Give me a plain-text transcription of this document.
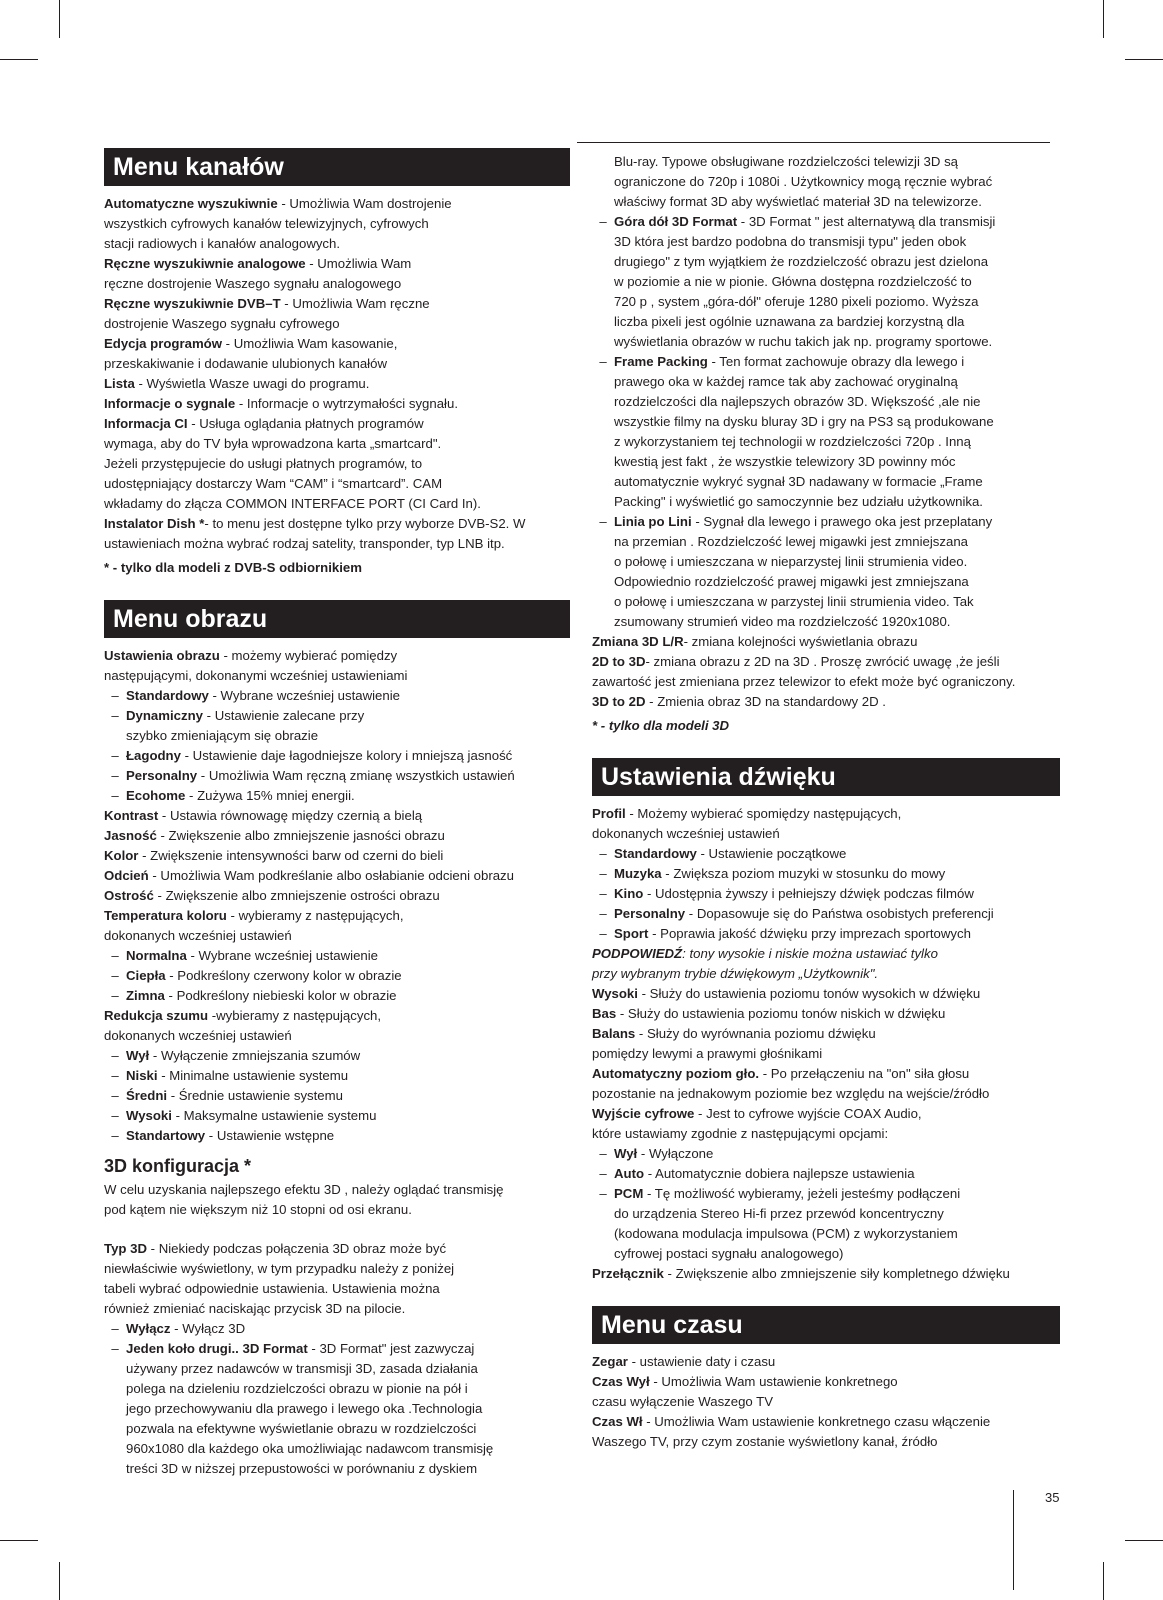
Menu kanałów
Automatyczne wyszukiwnie - Umożliwia Wam dostrojenie
wszystkich cyfrowych kanałów telewizyjnych, cyfrowych
stacji radiowych i kanałów analogowych.
Ręczne wyszukiwnie analogowe - Umożliwia Wam
ręczne dostrojenie Waszego sygnału analogowego
Ręczne wyszukiwnie DVB–T - Umożliwia Wam ręczne
dostrojenie Waszego sygnału cyfrowego
Edycja programów - Umożliwia Wam kasowanie,
przeskakiwanie i dodawanie ulubionych kanałów
Lista - Wyświetla Wasze uwagi do programu.
Informacje o sygnale - Informacje o wytrzymałości sygnału.
Informacja CI - Usługa oglądania płatnych programów
wymaga, aby do TV była wprowadzona karta „smartcard".
Jeżeli przystępujecie do usługi płatnych programów, to
udostępniający dostarczy Wam “CAM” i “smartcard”. CAM
wkładamy do złącza COMMON INTERFACE PORT (CI Card In).
Instalator Dish *- to menu jest dostępne tylko przy wyborze DVB-S2. W
ustawieniach można wybrać rodzaj satelity, transponder, typ LNB itp.
* - tylko dla modeli z DVB-S odbiornikiem
Menu obrazu
Ustawienia obrazu - możemy wybierać pomiędzy
następującymi, dokonanymi wcześniej ustawieniami
– Standardowy - Wybrane wcześniej ustawienie
– Dynamiczny - Ustawienie zalecane przy
szybko zmieniającym się obrazie
– Łagodny - Ustawienie daje łagodniejsze kolory i mniejszą jasność
– Personalny - Umożliwia Wam ręczną zmianę wszystkich ustawień
– Ecohome - Zużywa 15% mniej energii.
Kontrast - Ustawia równowagę między czernią a bielą
Jasność - Zwiększenie albo zmniejszenie jasności obrazu
Kolor - Zwiększenie intensywności barw od czerni do bieli
Odcień - Umożliwia Wam podkreślanie albo osłabianie odcieni obrazu
Ostrość - Zwiększenie albo zmniejszenie ostrości obrazu
Temperatura koloru - wybieramy z następujących,
dokonanych wcześniej ustawień
– Normalna - Wybrane wcześniej ustawienie
– Ciepła - Podkreślony czerwony kolor w obrazie
– Zimna - Podkreślony niebieski kolor w obrazie
Redukcja szumu -wybieramy z następujących,
dokonanych wcześniej ustawień
– Wył - Wyłączenie zmniejszania szumów
– Niski - Minimalne ustawienie systemu
– Średni - Średnie ustawienie systemu
– Wysoki - Maksymalne ustawienie systemu
– Standartowy - Ustawienie wstępne
3D konfiguracja *
W celu uzyskania najlepszego efektu 3D , należy oglądać transmisję
pod kątem nie większym niż 10 stopni od osi ekranu.
Typ 3D - Niekiedy podczas połączenia 3D obraz może być
niewłaściwie wyświetlony, w tym przypadku należy z poniżej
tabeli wybrać odpowiednie ustawienia. Ustawienia można
również zmieniać naciskając przycisk 3D na pilocie.
– Wyłącz - Wyłącz 3D
– Jeden koło drugi.. 3D Format - 3D Format" jest zazwyczaj
używany przez nadawców w transmisji 3D, zasada działania
polega na dzieleniu rozdzielczości obrazu w pionie na pół i
jego przechowywaniu dla prawego i lewego oka .Technologia
pozwala na efektywne wyświetlanie obrazu w rozdzielczości
960x1080 dla każdego oka umożliwiając nadawcom transmisję
treści 3D w niższej przepustowości w porównaniu z dyskiem
Blu-ray. Typowe obsługiwane rozdzielczości telewizji 3D są
ograniczone do 720p i 1080i . Użytkownicy mogą ręcznie wybrać
właściwy format 3D aby wyświetlać materiał 3D na telewizorze.
– Góra dół 3D Format - 3D Format " jest alternatywą dla transmisji
3D która jest bardzo podobna do transmisji typu" jeden obok
drugiego" z tym wyjątkiem że rozdzielczość obrazu jest dzielona
w poziomie a nie w pionie. Główna dostępna rozdzielczość to
720 p , system „góra-dół" oferuje 1280 pixeli poziomo. Wyższa
liczba pixeli jest ogólnie uznawana za bardziej korzystną dla
wyświetlania obrazów w ruchu takich jak np. programy sportowe.
– Frame Packing - Ten format zachowuje obrazy dla lewego i
prawego oka w każdej ramce tak aby zachować oryginalną
rozdzielczości dla najlepszych obrazów 3D. Większość ,ale nie
wszystkie filmy na dysku bluray 3D i gry na PS3 są produkowane
z wykorzystaniem tej technologii w rozdzielczości 720p . Inną
kwestią jest fakt , że wszystkie telewizory 3D powinny móc
automatycznie wykryć sygnał 3D nadawany w formacie „Frame
Packing" i wyświetlić go samoczynnie bez udziału użytkownika.
– Linia po Lini - Sygnał dla lewego i prawego oka jest przeplatany
na przemian . Rozdzielczość lewej migawki jest zmniejszana
o połowę i umieszczana w nieparzystej linii strumienia video.
Odpowiednio rozdzielczość prawej migawki jest zmniejszana
o połowę i umieszczana w parzystej linii strumienia video. Tak
zsumowany strumień video ma rozdzielczość 1920x1080.
Zmiana 3D L/R- zmiana kolejności wyświetlania obrazu
2D to 3D- zmiana obrazu z 2D na 3D . Proszę zwrócić uwagę ,że jeśli
zawartość jest zmieniana przez telewizor to efekt może być ograniczony.
3D to 2D - Zmienia obraz 3D na standardowy 2D .
* - tylko dla modeli 3D
Ustawienia dźwięku
Profil - Możemy wybierać spomiędzy następujących,
dokonanych wcześniej ustawień
– Standardowy - Ustawienie początkowe
– Muzyka - Zwiększa poziom muzyki w stosunku do mowy
– Kino - Udostępnia żywszy i pełniejszy dźwięk podczas filmów
– Personalny - Dopasowuje się do Państwa osobistych preferencji
– Sport - Poprawia jakość dźwięku przy imprezach sportowych
PODPOWIEDŹ: tony wysokie i niskie można ustawiać tylko
przy wybranym trybie dźwiękowym „Użytkownik".
Wysoki - Służy do ustawienia poziomu tonów wysokich w dźwięku
Bas - Służy do ustawienia poziomu tonów niskich w dźwięku
Balans - Służy do wyrównania poziomu dźwięku
pomiędzy lewymi a prawymi głośnikami
Automatyczny poziom gło. - Po przełączeniu na "on" siła głosu
pozostanie na jednakowym poziomie bez względu na wejście/źródło
Wyjście cyfrowe - Jest to cyfrowe wyjście COAX Audio,
które ustawiamy zgodnie z następującymi opcjami:
– Wył - Wyłączone
– Auto - Automatycznie dobiera najlepsze ustawienia
– PCM - Tę możliwość wybieramy, jeżeli jesteśmy podłączeni
do urządzenia Stereo Hi-fi przez przewód koncentryczny
(kodowana modulacja impulsowa (PCM) z wykorzystaniem
cyfrowej postaci sygnału analogowego)
Przełącznik - Zwiększenie albo zmniejszenie siły kompletnego dźwięku
Menu czasu
Zegar - ustawienie daty i czasu
Czas Wył - Umożliwia Wam ustawienie konkretnego
czasu wyłączenie Waszego TV
Czas Wł - Umożliwia Wam ustawienie konkretnego czasu włączenie
Waszego TV, przy czym zostanie wyświetlony kanał, źródło
35
